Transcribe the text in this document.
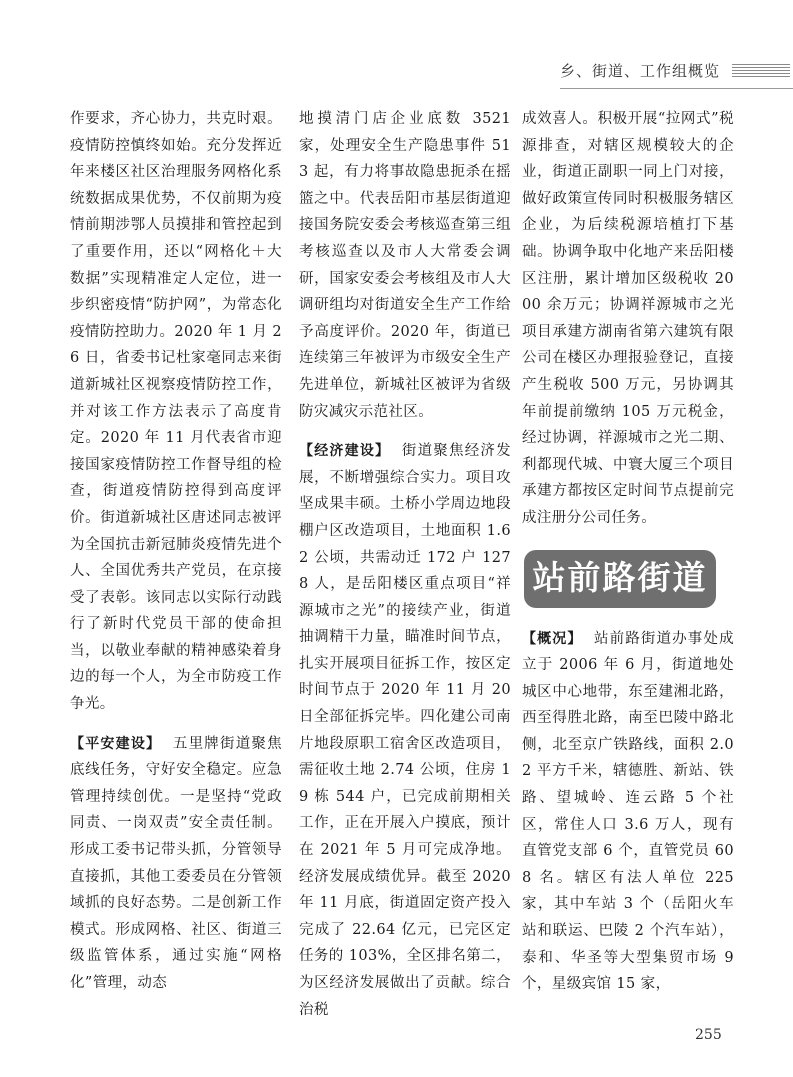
乡、街道、工作组概览

作要求，齐心协力，共克时艰。疫情防控慎终如始。充分发挥近年来楼区社区治理服务网格化系统数据成果优势，不仅前期为疫情前期涉鄂人员摸排和管控起到了重要作用，还以“网格化＋大数据”实现精准定人定位，进一步织密疫情“防护网”，为常态化疫情防控助力。2020 年 1 月 26 日，省委书记杜家毫同志来街道新城社区视察疫情防控工作，并对该工作方法表示了高度肯定。2020 年 11 月代表省市迎接国家疫情防控工作督导组的检查，街道疫情防控得到高度评价。街道新城社区唐述同志被评为全国抗击新冠肺炎疫情先进个人、全国优秀共产党员，在京接受了表彰。该同志以实际行动践行了新时代党员干部的使命担当，以敬业奉献的精神感染着身边的每一个人，为全市防疫工作争光。

【平安建设】 五里牌街道聚焦底线任务，守好安全稳定。应急管理持续创优。一是坚持“党政同责、一岗双责”安全责任制。形成工委书记带头抓，分管领导直接抓，其他工委委员在分管领域抓的良好态势。二是创新工作模式。形成网格、社区、街道三级监管体系，通过实施“网格化”管理，动态

地摸清门店企业底数 3521 家，处理安全生产隐患事件 513 起，有力将事故隐患扼杀在摇篮之中。代表岳阳市基层街道迎接国务院安委会考核巡查第三组考核巡查以及市人大常委会调研，国家安委会考核组及市人大调研组均对街道安全生产工作给予高度评价。2020 年，街道已连续第三年被评为市级安全生产先进单位，新城社区被评为省级防灾减灾示范社区。

【经济建设】 街道聚焦经济发展，不断增强综合实力。项目攻坚成果丰硕。土桥小学周边地段棚户区改造项目，土地面积 1.62 公顷，共需动迁 172 户 1278 人，是岳阳楼区重点项目“祥源城市之光”的接续产业，街道抽调精干力量，瞄准时间节点，扎实开展项目征拆工作，按区定时间节点于 2020 年 11 月 20 日全部征拆完毕。四化建公司南片地段原职工宿舍区改造项目，需征收土地 2.74 公顷，住房 19 栋 544 户，已完成前期相关工作，正在开展入户摸底，预计在 2021 年 5 月可完成净地。经济发展成绩优异。截至 2020 年 11 月底，街道固定资产投入完成了 22.64 亿元，已完区定任务的 103%，全区排名第二，为区经济发展做出了贡献。综合治税

成效喜人。积极开展“拉网式”税源排查，对辖区规模较大的企业，街道正副职一同上门对接，做好政策宣传同时积极服务辖区企业，为后续税源培植打下基础。协调争取中化地产来岳阳楼区注册，累计增加区级税收 2000 余万元；协调祥源城市之光项目承建方湖南省第六建筑有限公司在楼区办理报验登记，直接产生税收 500 万元，另协调其年前提前缴纳 105 万元税金，经过协调，祥源城市之光二期、利都现代城、中寰大厦三个项目承建方都按区定时间节点提前完成注册分公司任务。

站前路街道

【概况】 站前路街道办事处成立于 2006 年 6 月，街道地处城区中心地带，东至建湘北路，西至得胜北路，南至巴陵中路北侧，北至京广铁路线，面积 2.02 平方千米，辖德胜、新站、铁路、望城岭、连云路 5 个社区，常住人口 3.6 万人，现有直管党支部 6 个，直管党员 608 名。辖区有法人单位 225 家，其中车站 3 个（岳阳火车站和联运、巴陵 2 个汽车站），泰和、华圣等大型集贸市场 9 个，星级宾馆 15 家，

255
